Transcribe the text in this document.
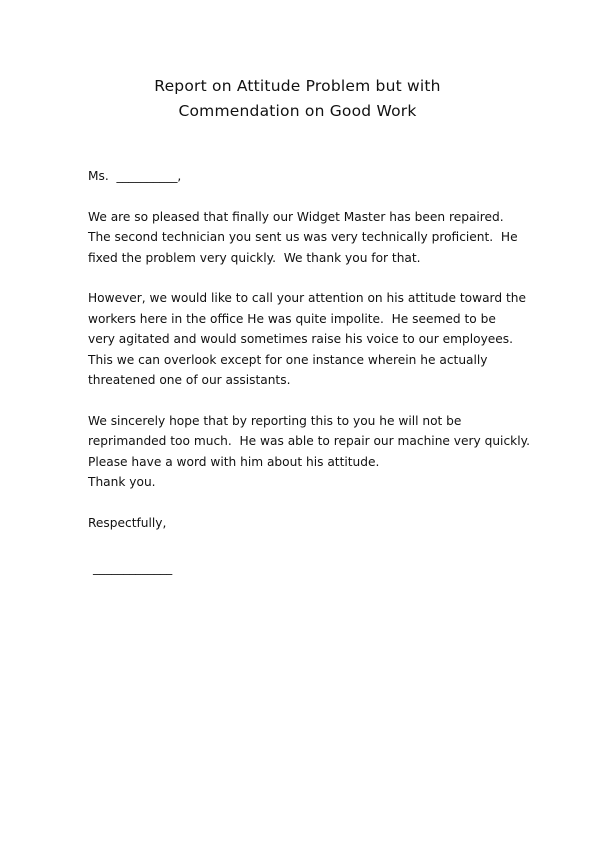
Report on Attitude Problem but with
Commendation on Good Work
Ms.  __________,
We are so pleased that finally our Widget Master has been repaired.
The second technician you sent us was very technically proficient.  He
fixed the problem very quickly.  We thank you for that.
However, we would like to call your attention on his attitude toward the
workers here in the office He was quite impolite.  He seemed to be
very agitated and would sometimes raise his voice to our employees.
This we can overlook except for one instance wherein he actually
threatened one of our assistants.
We sincerely hope that by reporting this to you he will not be
reprimanded too much.  He was able to repair our machine very quickly.
Please have a word with him about his attitude.
Thank you.
Respectfully,
_____________
